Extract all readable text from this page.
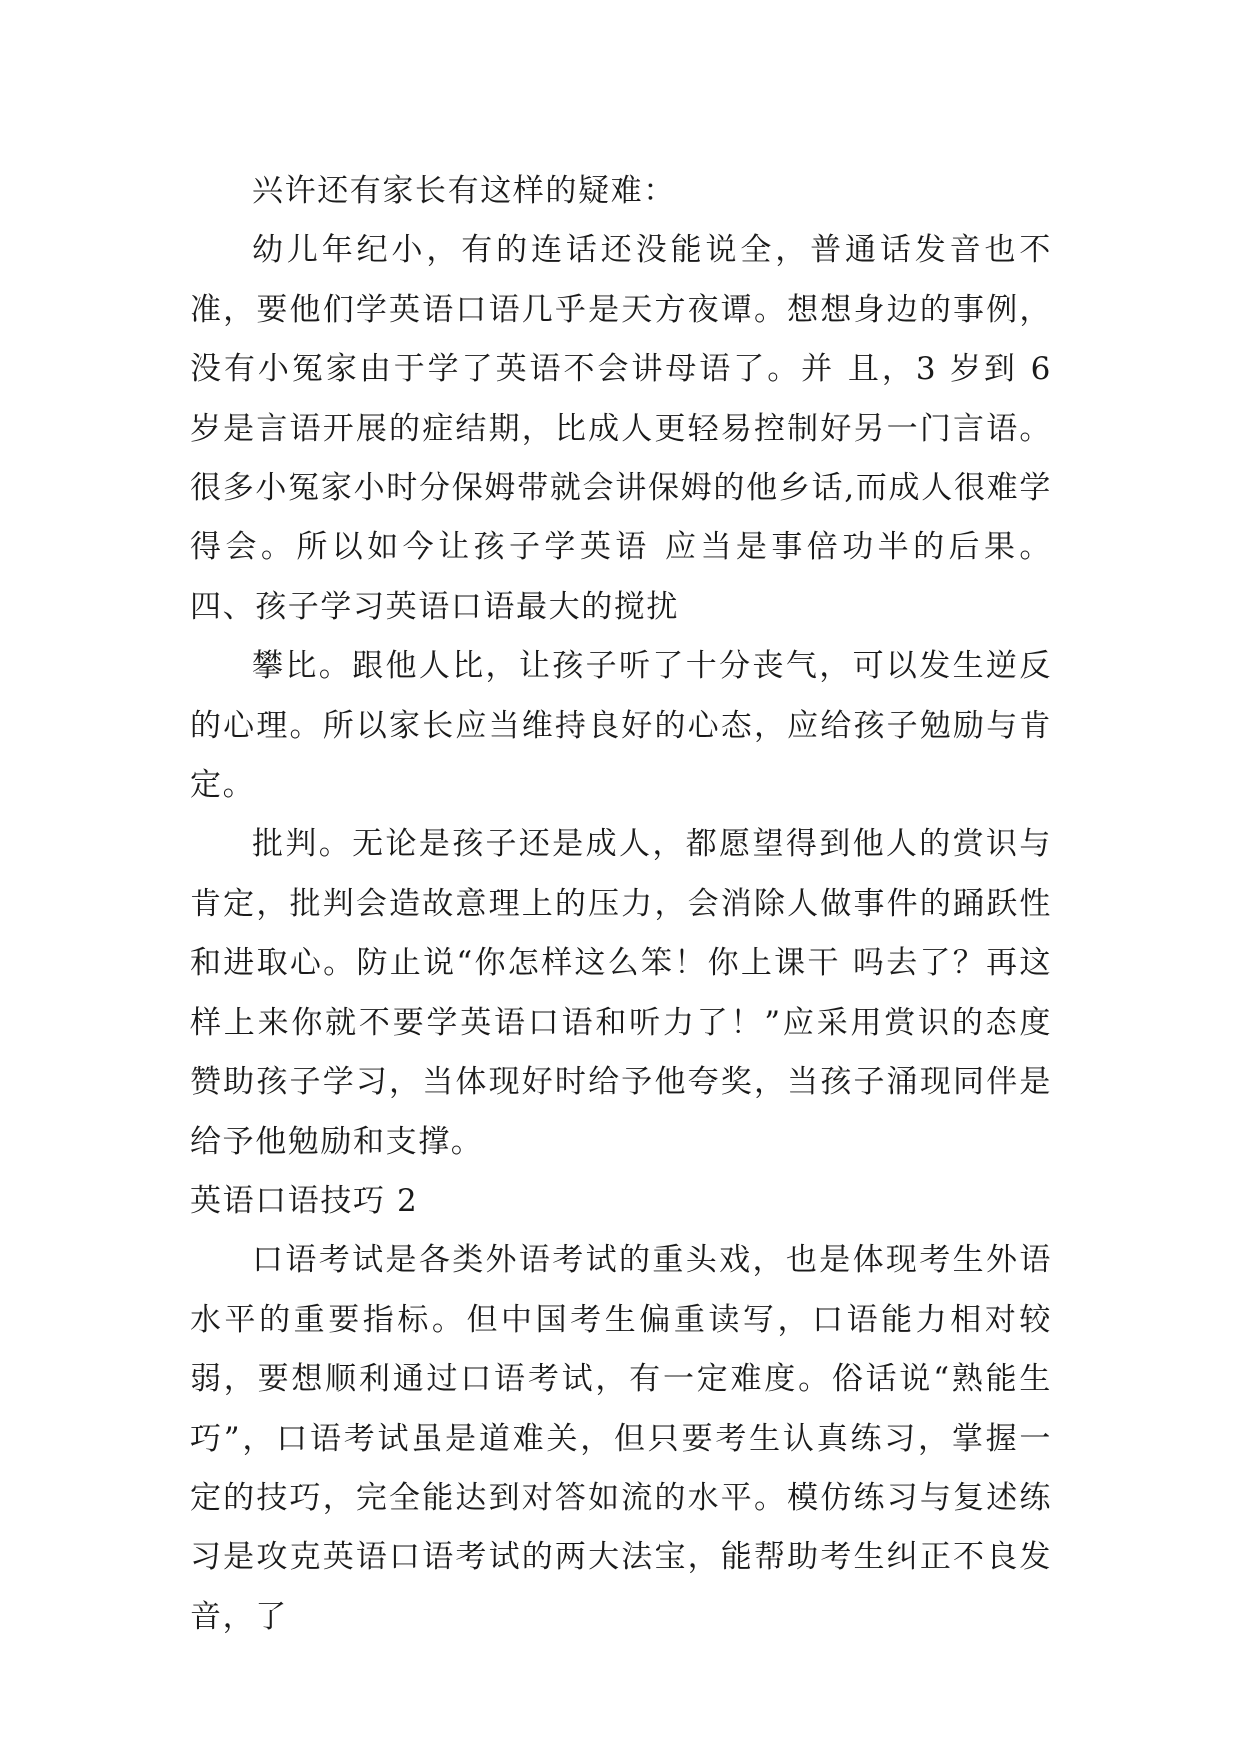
兴许还有家长有这样的疑难：

幼儿年纪小，有的连话还没能说全，普通话发音也不准，要他们学英语口语几乎是天方夜谭。想想身边的事例，没有小冤家由于学了英语不会讲母语了。并 且，3 岁到 6 岁是言语开展的症结期，比成人更轻易控制好另一门言语。很多小冤家小时分保姆带就会讲保姆的他乡话,而成人很难学得会。所以如今让孩子学英语 应当是事倍功半的后果。 四、孩子学习英语口语最大的搅扰

攀比。跟他人比，让孩子听了十分丧气，可以发生逆反的心理。所以家长应当维持良好的心态，应给孩子勉励与肯定。

批判。无论是孩子还是成人，都愿望得到他人的赏识与肯定，批判会造故意理上的压力，会消除人做事件的踊跃性和进取心。防止说“你怎样这么笨！你上课干 吗去了？再这样上来你就不要学英语口语和听力了！”应采用赏识的态度赞助孩子学习，当体现好时给予他夸奖，当孩子涌现同伴是给予他勉励和支撑。

英语口语技巧 2

口语考试是各类外语考试的重头戏，也是体现考生外语水平的重要指标。但中国考生偏重读写，口语能力相对较弱，要想顺利通过口语考试，有一定难度。俗话说“熟能生巧”，口语考试虽是道难关，但只要考生认真练习，掌握一定的技巧，完全能达到对答如流的水平。模仿练习与复述练习是攻克英语口语考试的两大法宝，能帮助考生纠正不良发音，了
